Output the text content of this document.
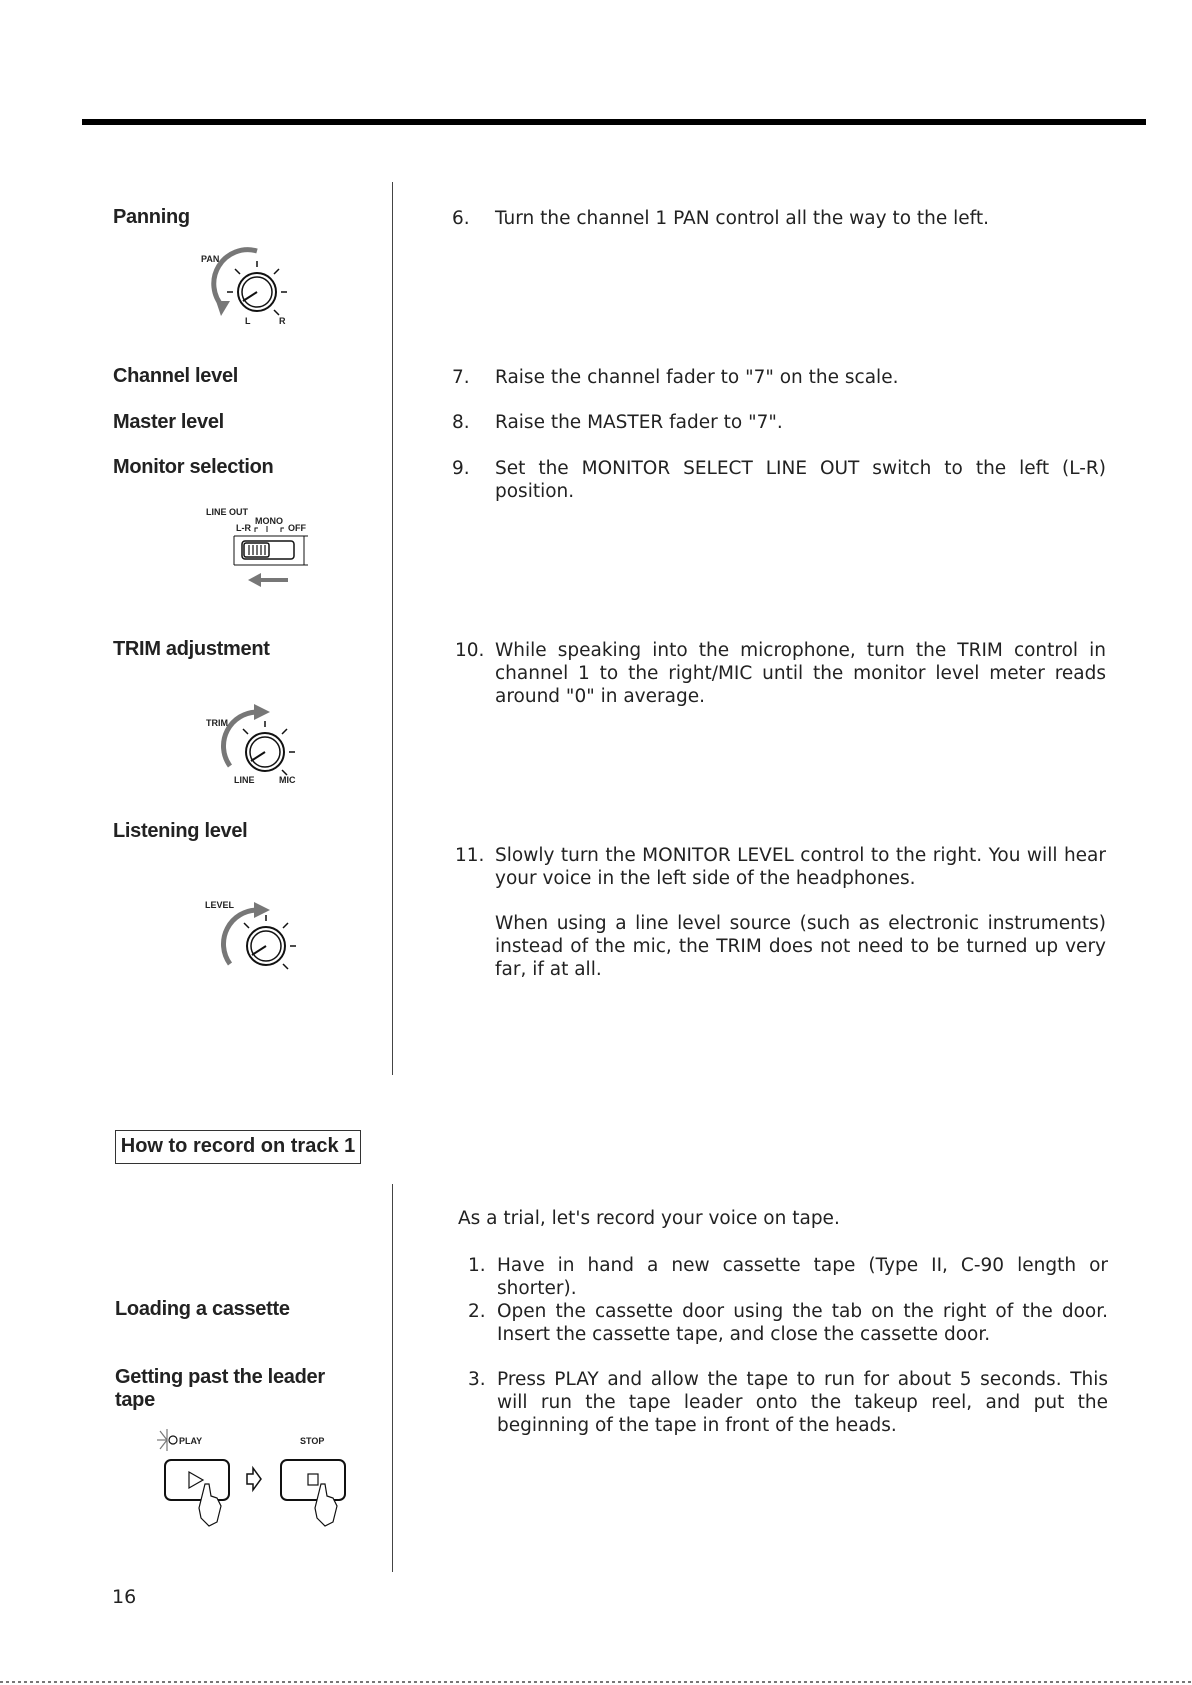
Panning
Channel level
Master level
Monitor selection
TRIM adjustment
Listening level
Loading a cassette
Getting past the leader
tape
PAN
L	R
LINE OUT
MONO
L-R	OFF
TRIM
LINE	MIC
LEVEL
PLAY	STOP
6. Turn the channel 1 PAN control all the way to the left.
7. Raise the channel fader to "7" on the scale.
8. Raise the MASTER fader to "7".
9. Set the MONITOR SELECT LINE OUT switch to the left (L-R) position.
10. While speaking into the microphone, turn the TRIM control in channel 1 to the right/MIC until the monitor level meter reads around "0" in average.
11. Slowly turn the MONITOR LEVEL control to the right. You will hear your voice in the left side of the headphones.
When using a line level source (such as electronic instruments) instead of the mic, the TRIM does not need to be turned up very far, if at all.
How to record on track 1
As a trial, let's record your voice on tape.
1. Have in hand a new cassette tape (Type II, C-90 length or shorter).
2. Open the cassette door using the tab on the right of the door. Insert the cassette tape, and close the cassette door.
3. Press PLAY and allow the tape to run for about 5 seconds. This will run the tape leader onto the takeup reel, and put the beginning of the tape in front of the heads.
16
